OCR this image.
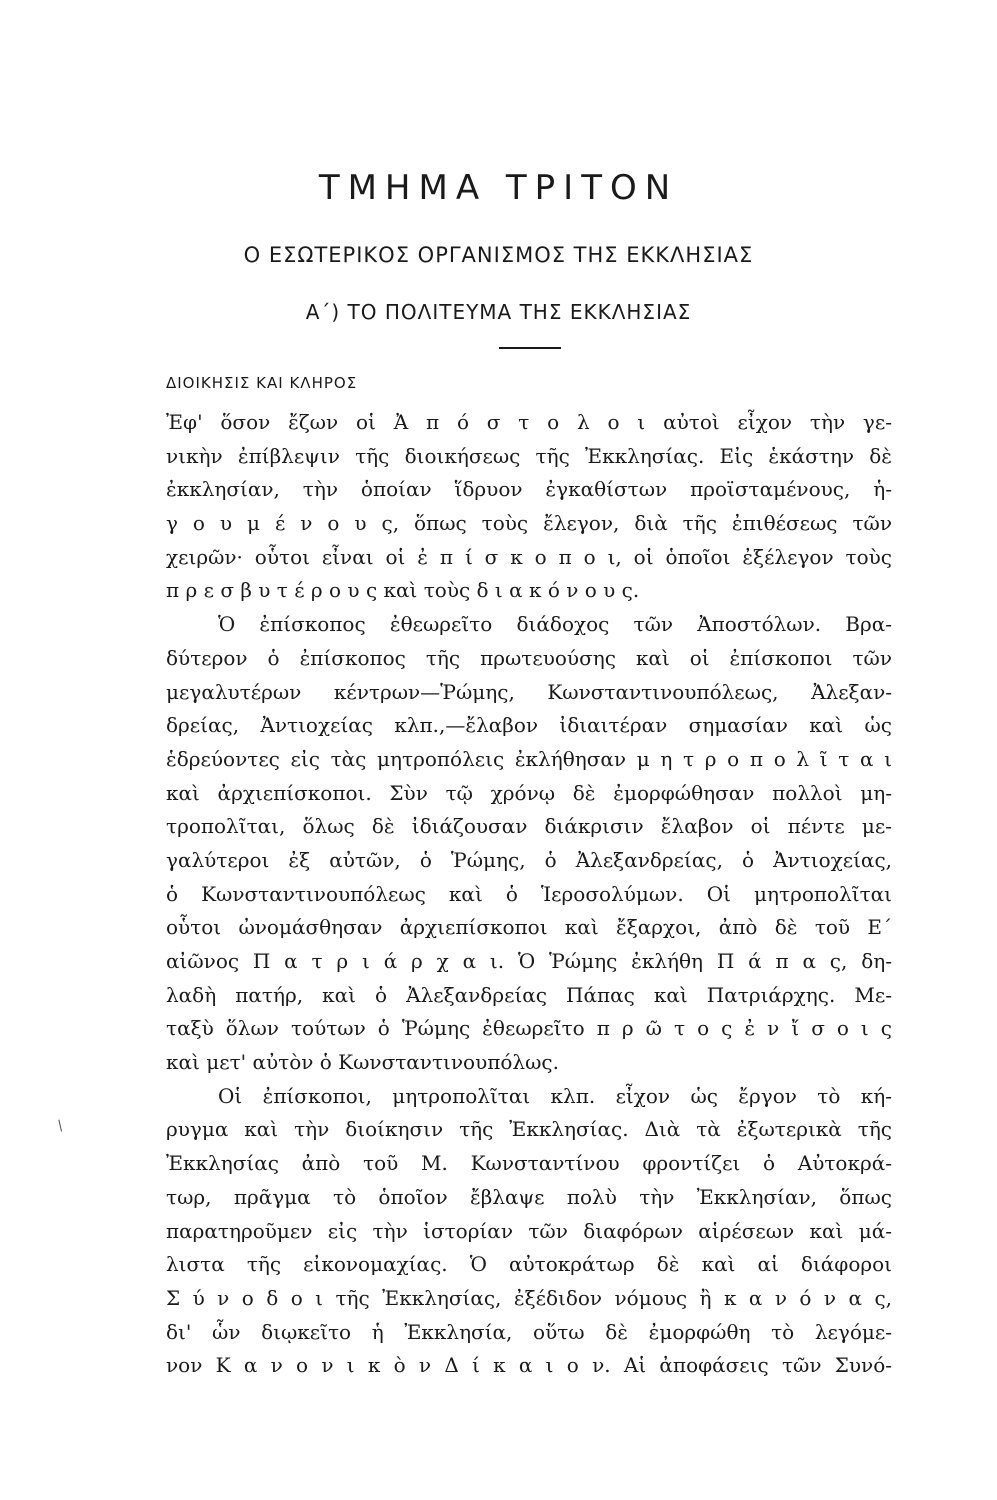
ΤΜΗΜΑ ΤΡΙΤΟΝ
Ο ΕΣΩΤΕΡΙΚΟΣ ΟΡΓΑΝΙΣΜΟΣ ΤΗΣ ΕΚΚΛΗΣΙΑΣ
Α΄) ΤΟ ΠΟΛΙΤΕΥΜΑ ΤΗΣ ΕΚΚΛΗΣΙΑΣ
ΔΙΟΙΚΗΣΙΣ ΚΑΙ ΚΛΗΡΟΣ
Ἐφ' ὅσον ἔζων οἱ Ἀ π ό σ τ ο λ ο ι αὐτοὶ εἶχον τὴν γε-
νικὴν ἐπίβλεψιν τῆς διοικήσεως τῆς Ἐκκλησίας. Εἰς ἑκάστην δὲ
ἐκκλησίαν, τὴν ὁποίαν ἵδρυον ἐγκαθίστων προϊσταμένους, ἡ-
γ ο υ μ έ ν ο υ ς, ὅπως τοὺς ἔλεγον, διὰ τῆς ἐπιθέσεως τῶν
χειρῶν· οὗτοι εἶναι οἱ ἐ π ί σ κ ο π ο ι, οἱ ὁποῖοι ἐξέλεγον τοὺς
π ρ ε σ β υ τ έ ρ ο υ ς καὶ τοὺς δ ι α κ ό ν ο υ ς.
Ὁ ἐπίσκοπος ἐθεωρεῖτο διάδοχος τῶν Ἀποστόλων. Βρα-
δύτερον ὁ ἐπίσκοπος τῆς πρωτευούσης καὶ οἱ ἐπίσκοποι τῶν
μεγαλυτέρων κέντρων—Ῥώμης, Κωνσταντινουπόλεως, Ἀλεξαν-
δρείας, Ἀντιοχείας κλπ.,—ἔλαβον ἰδιαιτέραν σημασίαν καὶ ὡς
ἑδρεύοντες εἰς τὰς μητροπόλεις ἐκλήθησαν μ η τ ρ ο π ο λ ῖ τ α ι
καὶ ἀρχιεπίσκοποι. Σὺν τῷ χρόνῳ δὲ ἐμορφώθησαν πολλοὶ μη-
τροπολῖται, ὅλως δὲ ἰδιάζουσαν διάκρισιν ἔλαβον οἱ πέντε με-
γαλύτεροι ἐξ αὐτῶν, ὁ Ῥώμης, ὁ Ἀλεξανδρείας, ὁ Ἀντιοχείας,
ὁ Κωνσταντινουπόλεως καὶ ὁ Ἱεροσολύμων. Οἱ μητροπολῖται
οὗτοι ὠνομάσθησαν ἀρχιεπίσκοποι καὶ ἔξαρχοι, ἀπὸ δὲ τοῦ Ε΄
αἰῶνος Π α τ ρ ι ά ρ χ α ι. Ὁ Ῥώμης ἐκλήθη Π ά π α ς, δη-
λαδὴ πατήρ, καὶ ὁ Ἀλεξανδρείας Πάπας καὶ Πατριάρχης. Με-
ταξὺ ὅλων τούτων ὁ Ῥώμης ἐθεωρεῖτο π ρ ῶ τ ο ς ἐ ν ἴ σ ο ι ς
καὶ μετ' αὐτὸν ὁ Κωνσταντινουπόλως.
Οἱ ἐπίσκοποι, μητροπολῖται κλπ. εἶχον ὡς ἔργον τὸ κή-
ρυγμα καὶ τὴν διοίκησιν τῆς Ἐκκλησίας. Διὰ τὰ ἐξωτερικὰ τῆς
Ἐκκλησίας ἀπὸ τοῦ Μ. Κωνσταντίνου φροντίζει ὁ Αὐτοκρά-
τωρ, πρᾶγμα τὸ ὁποῖον ἔβλαψε πολὺ τὴν Ἐκκλησίαν, ὅπως
παρατηροῦμεν εἰς τὴν ἱστορίαν τῶν διαφόρων αἱρέσεων καὶ μά-
λιστα τῆς εἰκονομαχίας. Ὁ αὐτοκράτωρ δὲ καὶ αἱ διάφοροι
Σ ύ ν ο δ ο ι τῆς Ἐκκλησίας, ἐξέδιδον νόμους ἢ κ α ν ό ν α ς,
δι' ὧν διῳκεῖτο ἡ Ἐκκλησία, οὕτω δὲ ἐμορφώθη τὸ λεγόμε-
νον Κ α ν ο ν ι κ ὸ ν Δ ί κ α ι ο ν. Αἱ ἀποφάσεις τῶν Συνό-
/
